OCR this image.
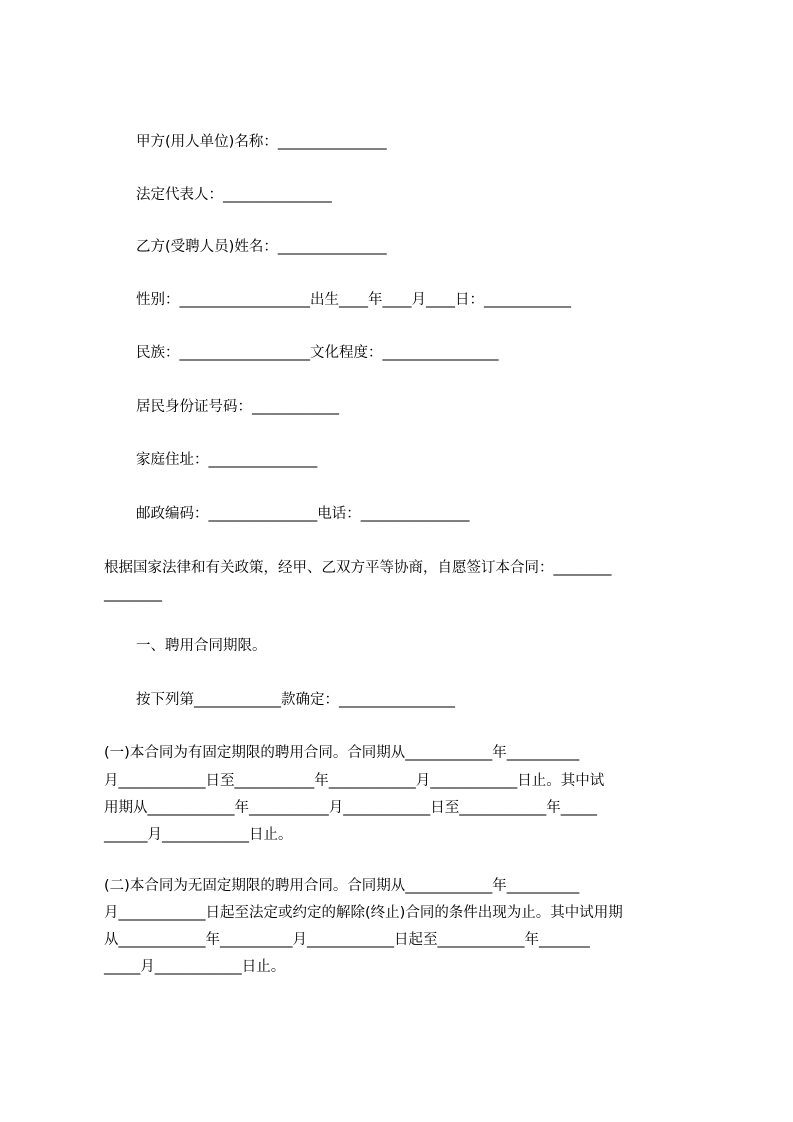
甲方(用人单位)名称：_______________

法定代表人：_______________

乙方(受聘人员)姓名：_______________

性别：__________________出生____年____月____日：____________

民族：__________________文化程度：________________

居民身份证号码：____________

家庭住址：_______________

邮政编码：_______________电话：_______________

根据国家法律和有关政策，经甲、乙双方平等协商，自愿签订本合同：________
________

一、聘用合同期限。

按下列第____________款确定：________________

(一)本合同为有固定期限的聘用合同。合同期从____________年__________
月____________日至___________年____________月____________日止。其中试
用期从____________年___________月____________日至____________年_____
______月____________日止。
(二)本合同为无固定期限的聘用合同。合同期从____________年__________
月____________日起至法定或约定的解除(终止)合同的条件出现为止。其中试用期
从____________年__________月____________日起至____________年_______
_____月____________日止。
